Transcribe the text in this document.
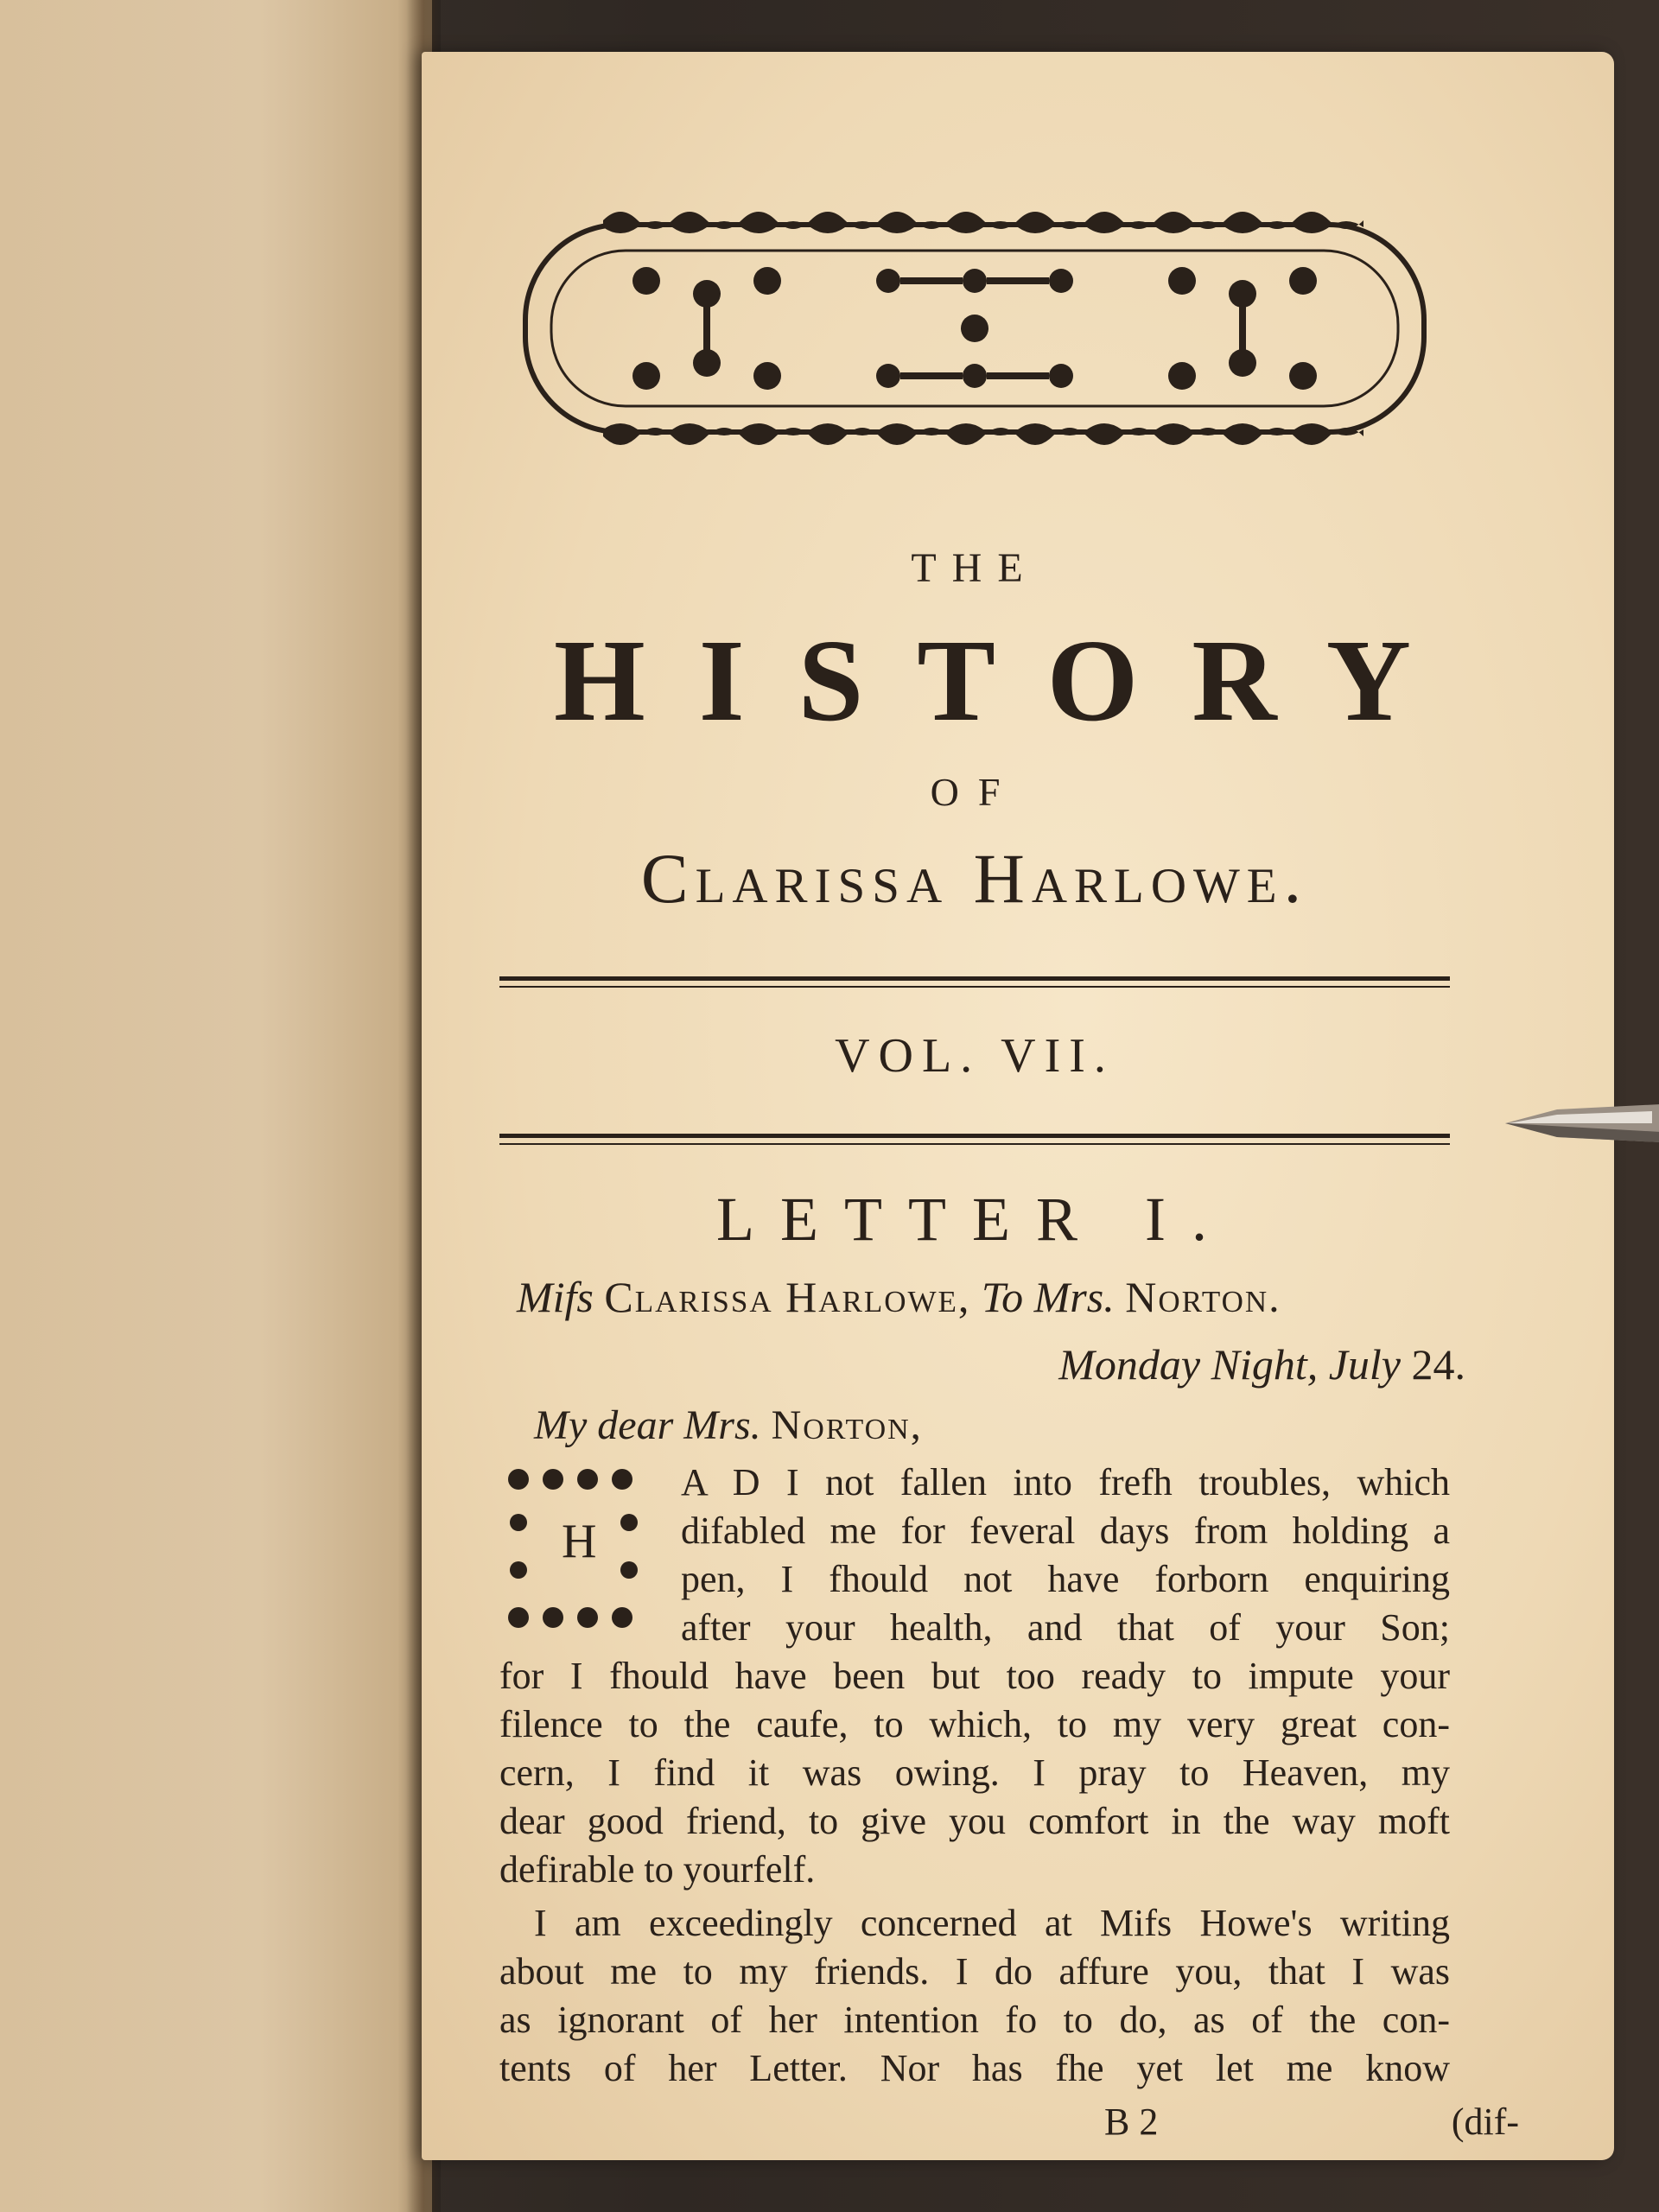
THE
HISTORY
OF
Clarissa Harlowe.
VOL. VII.
LETTER I.
Mifs Clarissa Harlowe, To Mrs. Norton.
Monday Night, July 24.
My dear Mrs. Norton,
H
A D I not fallen into frefh troubles, which
difabled me for feveral days from holding a
pen, I fhould not have forborn enquiring
after your health, and that of your Son;
for I fhould have been but too ready to impute your
filence to the caufe, to which, to my very great con-
cern, I find it was owing. I pray to Heaven, my
dear good friend, to give you comfort in the way moft
defirable to yourfelf.
I am exceedingly concerned at Mifs Howe's writing
about me to my friends. I do affure you, that I was
as ignorant of her intention fo to do, as of the con-
tents of her Letter. Nor has fhe yet let me know
B 2	(dif-
